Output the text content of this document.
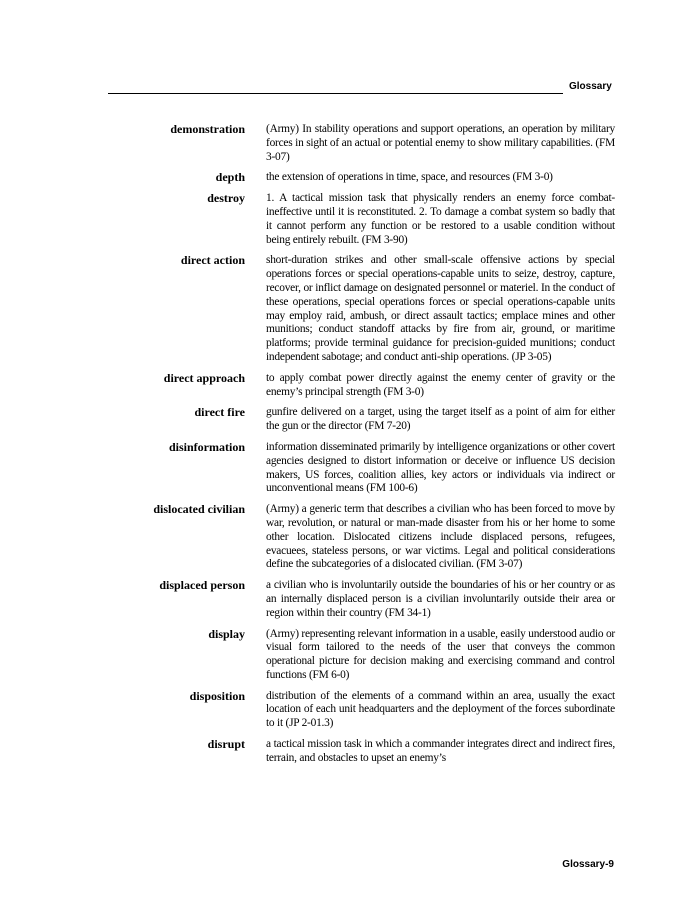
Glossary
demonstration (Army) In stability operations and support operations, an operation by military forces in sight of an actual or potential enemy to show military capabilities. (FM 3-07)
depth the extension of operations in time, space, and resources (FM 3-0)
destroy 1. A tactical mission task that physically renders an enemy force combat-ineffective until it is reconstituted. 2. To damage a combat system so badly that it cannot perform any function or be restored to a usable condition without being entirely rebuilt. (FM 3-90)
direct action short-duration strikes and other small-scale offensive actions by special operations forces or special operations-capable units to seize, destroy, capture, recover, or inflict damage on designated personnel or materiel. In the conduct of these operations, special operations forces or special operations-capable units may employ raid, ambush, or direct assault tactics; emplace mines and other munitions; conduct standoff attacks by fire from air, ground, or maritime platforms; provide terminal guidance for precision-guided munitions; conduct independent sabotage; and conduct anti-ship operations. (JP 3-05)
direct approach to apply combat power directly against the enemy center of gravity or the enemy’s principal strength (FM 3-0)
direct fire gunfire delivered on a target, using the target itself as a point of aim for either the gun or the director (FM 7-20)
disinformation information disseminated primarily by intelligence organizations or other covert agencies designed to distort information or deceive or influence US decision makers, US forces, coalition allies, key actors or individuals via indirect or unconventional means (FM 100-6)
dislocated civilian (Army) a generic term that describes a civilian who has been forced to move by war, revolution, or natural or man-made disaster from his or her home to some other location. Dislocated citizens include displaced persons, refugees, evacuees, stateless persons, or war victims. Legal and political considerations define the subcategories of a dislocated civilian. (FM 3-07)
displaced person a civilian who is involuntarily outside the boundaries of his or her country or as an internally displaced person is a civilian involuntarily outside their area or region within their country (FM 34-1)
display (Army) representing relevant information in a usable, easily understood audio or visual form tailored to the needs of the user that conveys the common operational picture for decision making and exercising command and control functions (FM 6-0)
disposition distribution of the elements of a command within an area, usually the exact location of each unit headquarters and the deployment of the forces subordinate to it (JP 2-01.3)
disrupt a tactical mission task in which a commander integrates direct and indirect fires, terrain, and obstacles to upset an enemy’s
Glossary-9
